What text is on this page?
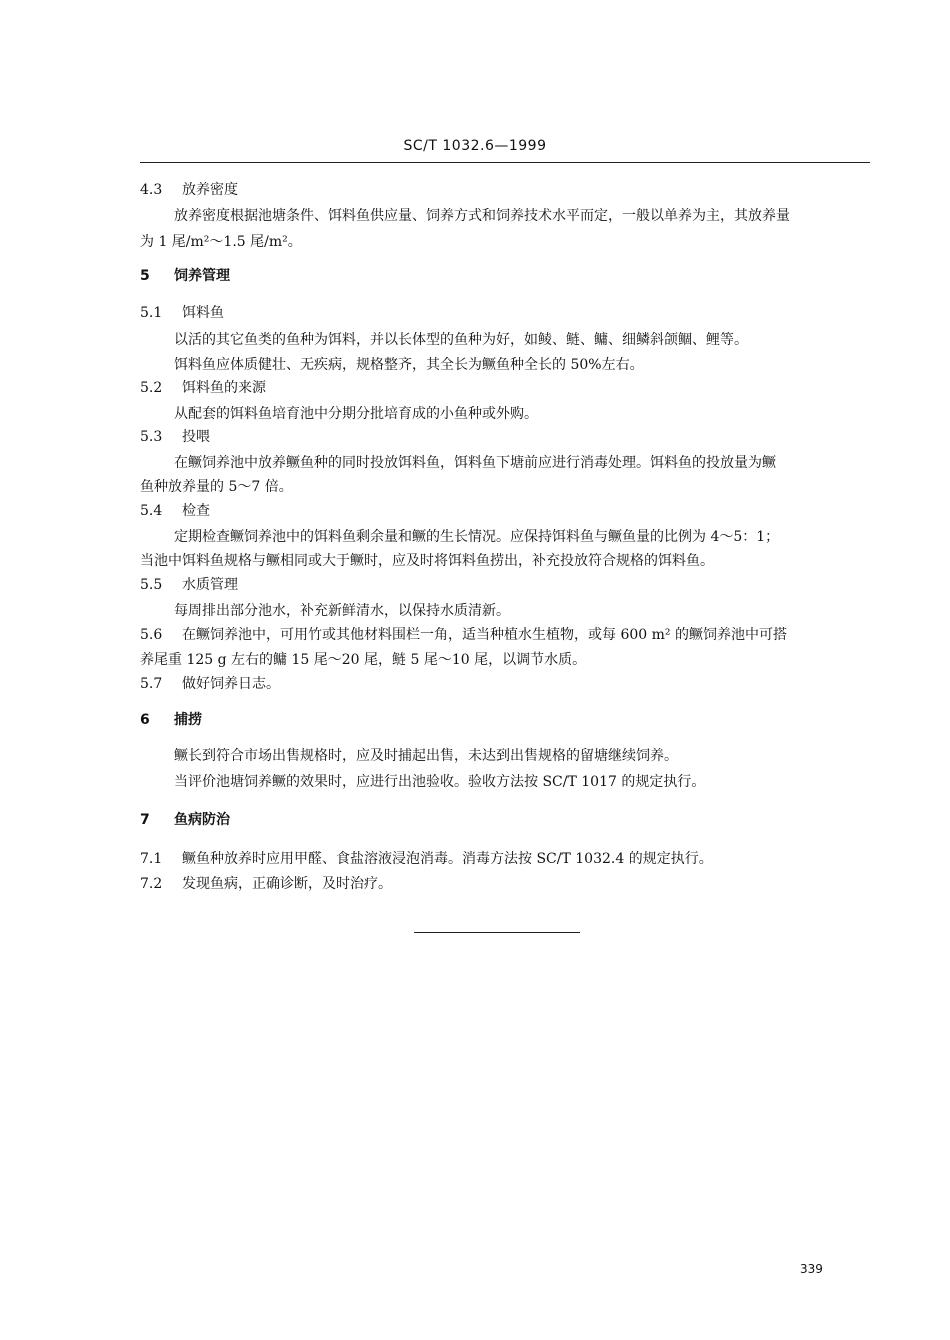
SC/T 1032.6—1999
4.3 放养密度
放养密度根据池塘条件、饵料鱼供应量、饲养方式和饲养技术水平而定，一般以单养为主，其放养量
为 1 尾/m²～1.5 尾/m²。
5 饲养管理
5.1 饵料鱼
以活的其它鱼类的鱼种为饵料，并以长体型的鱼种为好，如鲮、鲢、鳙、细鳞斜颌鲴、鲤等。
饵料鱼应体质健壮、无疾病，规格整齐，其全长为鳜鱼种全长的 50%左右。
5.2 饵料鱼的来源
从配套的饵料鱼培育池中分期分批培育成的小鱼种或外购。
5.3 投喂
在鳜饲养池中放养鳜鱼种的同时投放饵料鱼，饵料鱼下塘前应进行消毒处理。饵料鱼的投放量为鳜
鱼种放养量的 5～7 倍。
5.4 检查
定期检查鳜饲养池中的饵料鱼剩余量和鳜的生长情况。应保持饵料鱼与鳜鱼量的比例为 4～5：1；
当池中饵料鱼规格与鳜相同或大于鳜时，应及时将饵料鱼捞出，补充投放符合规格的饵料鱼。
5.5 水质管理
每周排出部分池水，补充新鲜清水，以保持水质清新。
5.6 在鳜饲养池中，可用竹或其他材料围栏一角，适当种植水生植物，或每 600 m² 的鳜饲养池中可搭
养尾重 125 g 左右的鳙 15 尾～20 尾，鲢 5 尾～10 尾，以调节水质。
5.7 做好饲养日志。
6 捕捞
鳜长到符合市场出售规格时，应及时捕起出售，未达到出售规格的留塘继续饲养。
当评价池塘饲养鳜的效果时，应进行出池验收。验收方法按 SC/T 1017 的规定执行。
7 鱼病防治
7.1 鳜鱼种放养时应用甲醛、食盐溶液浸泡消毒。消毒方法按 SC/T 1032.4 的规定执行。
7.2 发现鱼病，正确诊断，及时治疗。
339
